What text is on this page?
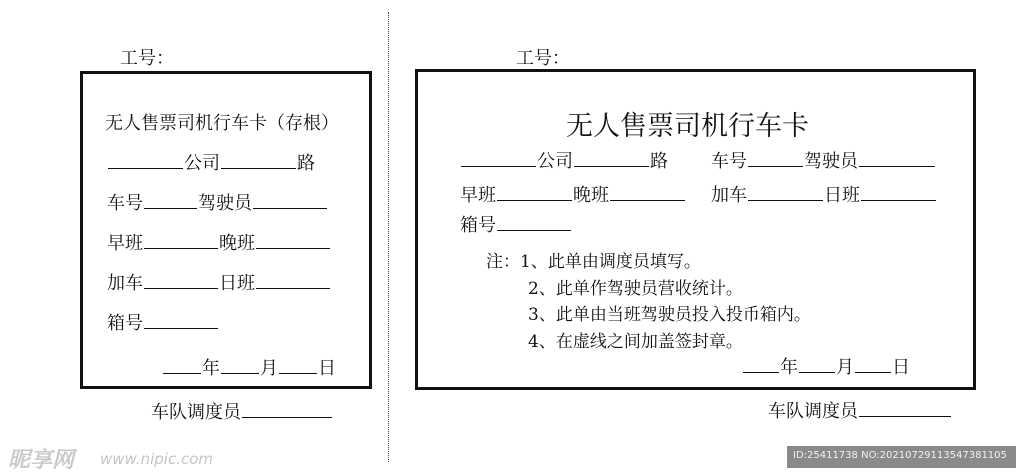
工号：
无人售票司机行车卡（存根）
公司	路
车号	驾驶员
早班	晚班
加车	日班
箱号
年 月 日
车队调度员
工号：
无人售票司机行车卡
公司	路 车号	驾驶员
早班	晚班	加车	日班
箱号
注：1、此单由调度员填写。
2、此单作驾驶员营收统计。
3、此单由当班驾驶员投入投币箱内。
4、在虚线之间加盖签封章。
年 月 日
车队调度员
昵享网 www.nipic.com	ID:25411738 NO:20210729113547381105
